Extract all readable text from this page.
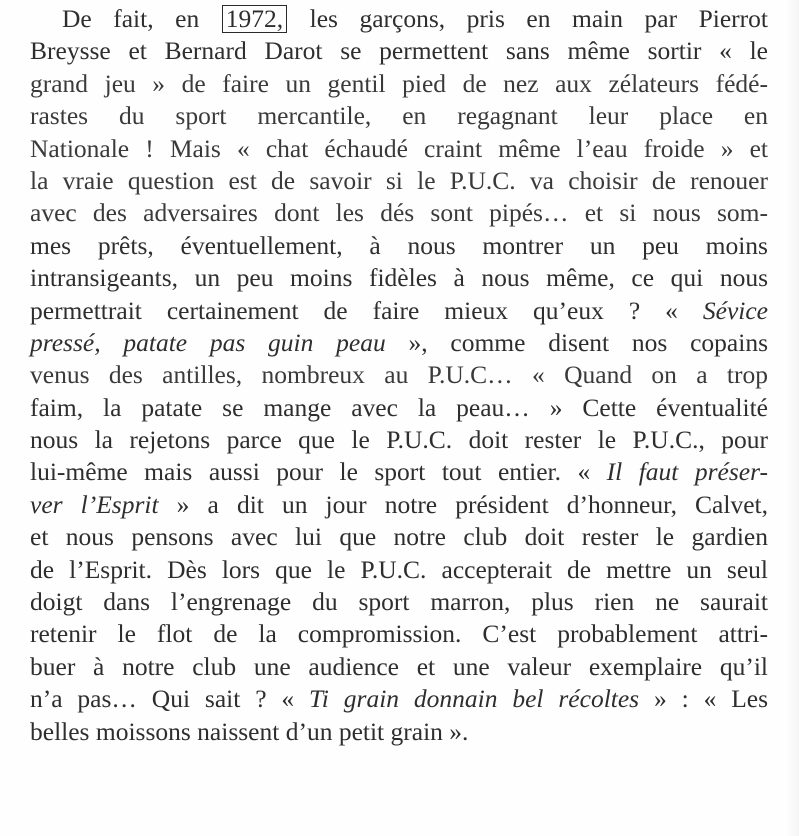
De fait, en 1972, les garçons, pris en main par Pierrot
Breysse et Bernard Darot se permettent sans même sortir « le
grand jeu » de faire un gentil pied de nez aux zélateurs fédé-
rastes du sport mercantile, en regagnant leur place en
Nationale ! Mais « chat échaudé craint même l’eau froide » et
la vraie question est de savoir si le P.U.C. va choisir de renouer
avec des adversaires dont les dés sont pipés… et si nous som-
mes prêts, éventuellement, à nous montrer un peu moins
intransigeants, un peu moins fidèles à nous même, ce qui nous
permettrait certainement de faire mieux qu’eux ? « Sévice
pressé, patate pas guin peau », comme disent nos copains
venus des antilles, nombreux au P.U.C… « Quand on a trop
faim, la patate se mange avec la peau… » Cette éventualité
nous la rejetons parce que le P.U.C. doit rester le P.U.C., pour
lui-même mais aussi pour le sport tout entier. « Il faut préser-
ver l’Esprit » a dit un jour notre président d’honneur, Calvet,
et nous pensons avec lui que notre club doit rester le gardien
de l’Esprit. Dès lors que le P.U.C. accepterait de mettre un seul
doigt dans l’engrenage du sport marron, plus rien ne saurait
retenir le flot de la compromission. C’est probablement attri-
buer à notre club une audience et une valeur exemplaire qu’il
n’a pas… Qui sait ? « Ti grain donnain bel récoltes » : « Les
belles moissons naissent d’un petit grain ».
